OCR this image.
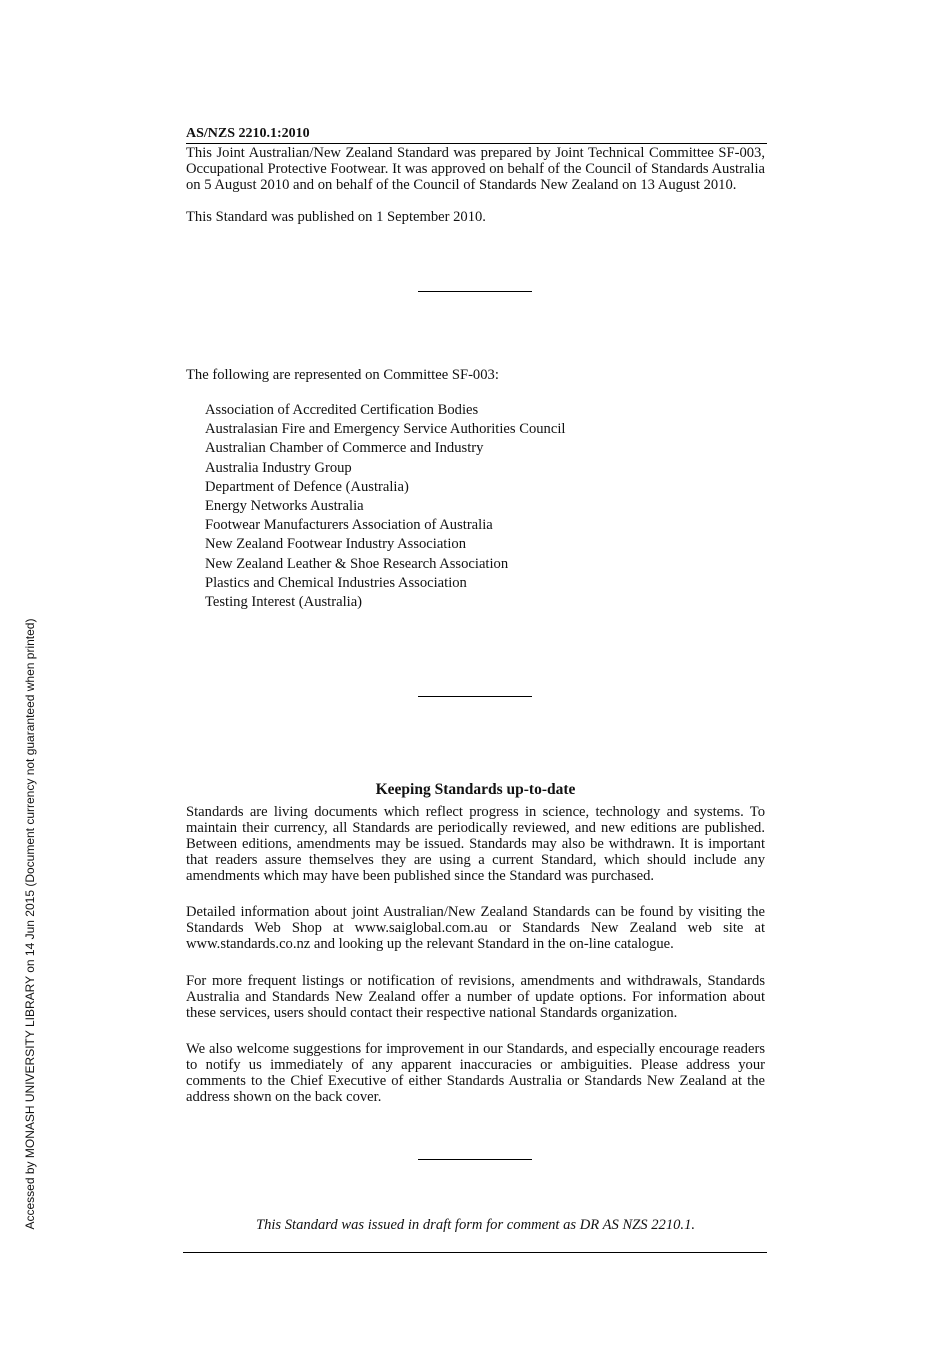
AS/NZS 2210.1:2010

This Joint Australian/New Zealand Standard was prepared by Joint Technical Committee SF-003, Occupational Protective Footwear. It was approved on behalf of the Council of Standards Australia on 5 August 2010 and on behalf of the Council of Standards New Zealand on 13 August 2010.

This Standard was published on 1 September 2010.

The following are represented on Committee SF-003:

Association of Accredited Certification Bodies
Australasian Fire and Emergency Service Authorities Council
Australian Chamber of Commerce and Industry
Australia Industry Group
Department of Defence (Australia)
Energy Networks Australia
Footwear Manufacturers Association of Australia
New Zealand Footwear Industry Association
New Zealand Leather & Shoe Research Association
Plastics and Chemical Industries Association
Testing Interest (Australia)
Keeping Standards up-to-date

Standards are living documents which reflect progress in science, technology and systems. To maintain their currency, all Standards are periodically reviewed, and new editions are published. Between editions, amendments may be issued. Standards may also be withdrawn. It is important that readers assure themselves they are using a current Standard, which should include any amendments which may have been published since the Standard was purchased.

Detailed information about joint Australian/New Zealand Standards can be found by visiting the Standards Web Shop at www.saiglobal.com.au or Standards New Zealand web site at www.standards.co.nz and looking up the relevant Standard in the on-line catalogue.

For more frequent listings or notification of revisions, amendments and withdrawals, Standards Australia and Standards New Zealand offer a number of update options. For information about these services, users should contact their respective national Standards organization.

We also welcome suggestions for improvement in our Standards, and especially encourage readers to notify us immediately of any apparent inaccuracies or ambiguities. Please address your comments to the Chief Executive of either Standards Australia or Standards New Zealand at the address shown on the back cover.

This Standard was issued in draft form for comment as DR AS NZS 2210.1.

Accessed by MONASH UNIVERSITY LIBRARY on 14 Jun 2015 (Document currency not guaranteed when printed)
